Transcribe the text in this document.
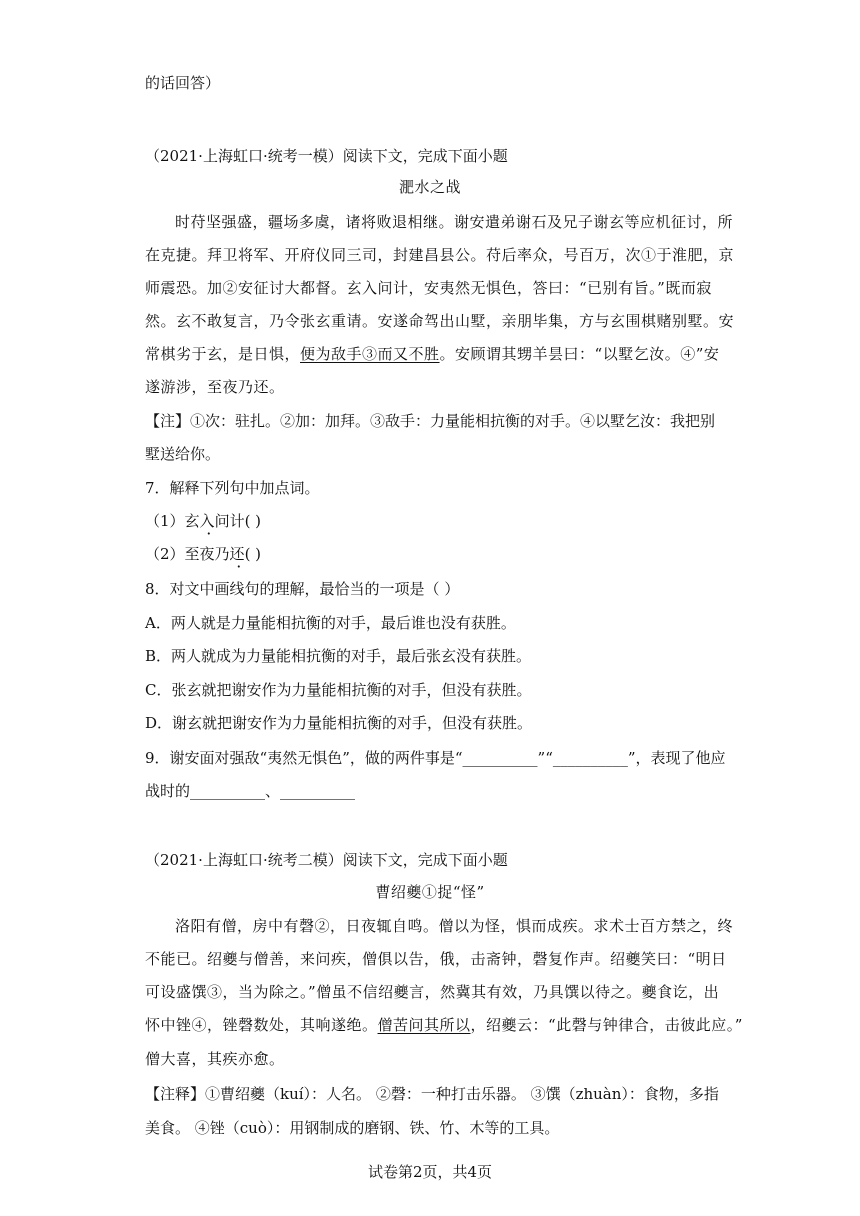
的话回答）
（2021·上海虹口·统考一模）阅读下文，完成下面小题
淝水之战
时苻坚强盛，疆场多虞，诸将败退相继。谢安遣弟谢石及兄子谢玄等应机征讨，所
在克捷。拜卫将军、开府仪同三司，封建昌县公。苻后率众，号百万，次①于淮肥，京
师震恐。加②安征讨大都督。玄入问计，安夷然无惧色，答曰：“已别有旨。”既而寂
然。玄不敢复言，乃令张玄重请。安遂命驾出山墅，亲朋毕集，方与玄围棋赌别墅。安
常棋劣于玄，是日惧，便为敌手③而又不胜。安顾谓其甥羊昙曰：“以墅乞汝。④”安
遂游涉，至夜乃还。
【注】①次：驻扎。②加：加拜。③敌手：力量能相抗衡的对手。④以墅乞汝：我把别
墅送给你。
7．解释下列句中加点词。
（1）玄入问计( )
（2）至夜乃还( )
8．对文中画线句的理解，最恰当的一项是（ ）
A．两人就是力量能相抗衡的对手，最后谁也没有获胜。
B．两人就成为力量能相抗衡的对手，最后张玄没有获胜。
C．张玄就把谢安作为力量能相抗衡的对手，但没有获胜。
D．谢玄就把谢安作为力量能相抗衡的对手，但没有获胜。
9．谢安面对强敌“夷然无惧色”，做的两件事是“__________”“__________”，表现了他应
战时的__________、__________
（2021·上海虹口·统考二模）阅读下文，完成下面小题
曹绍夔①捉“怪”
洛阳有僧，房中有磬②，日夜辄自鸣。僧以为怪，惧而成疾。求术士百方禁之，终
不能已。绍夔与僧善，来问疾，僧俱以告，俄，击斋钟，磬复作声。绍夔笑曰：“明日
可设盛馔③，当为除之。”僧虽不信绍夔言，然冀其有效，乃具馔以待之。夔食讫，出
怀中锉④，锉磬数处，其响遂绝。僧苦问其所以，绍夔云：“此磬与钟律合，击彼此应。”
僧大喜，其疾亦愈。
【注释】①曹绍夔（kuí）：人名。 ②磬：一种打击乐器。 ③馔（zhuàn）：食物，多指
美食。 ④锉（cuò）：用钢制成的磨钢、铁、竹、木等的工具。
试卷第2页，共4页
